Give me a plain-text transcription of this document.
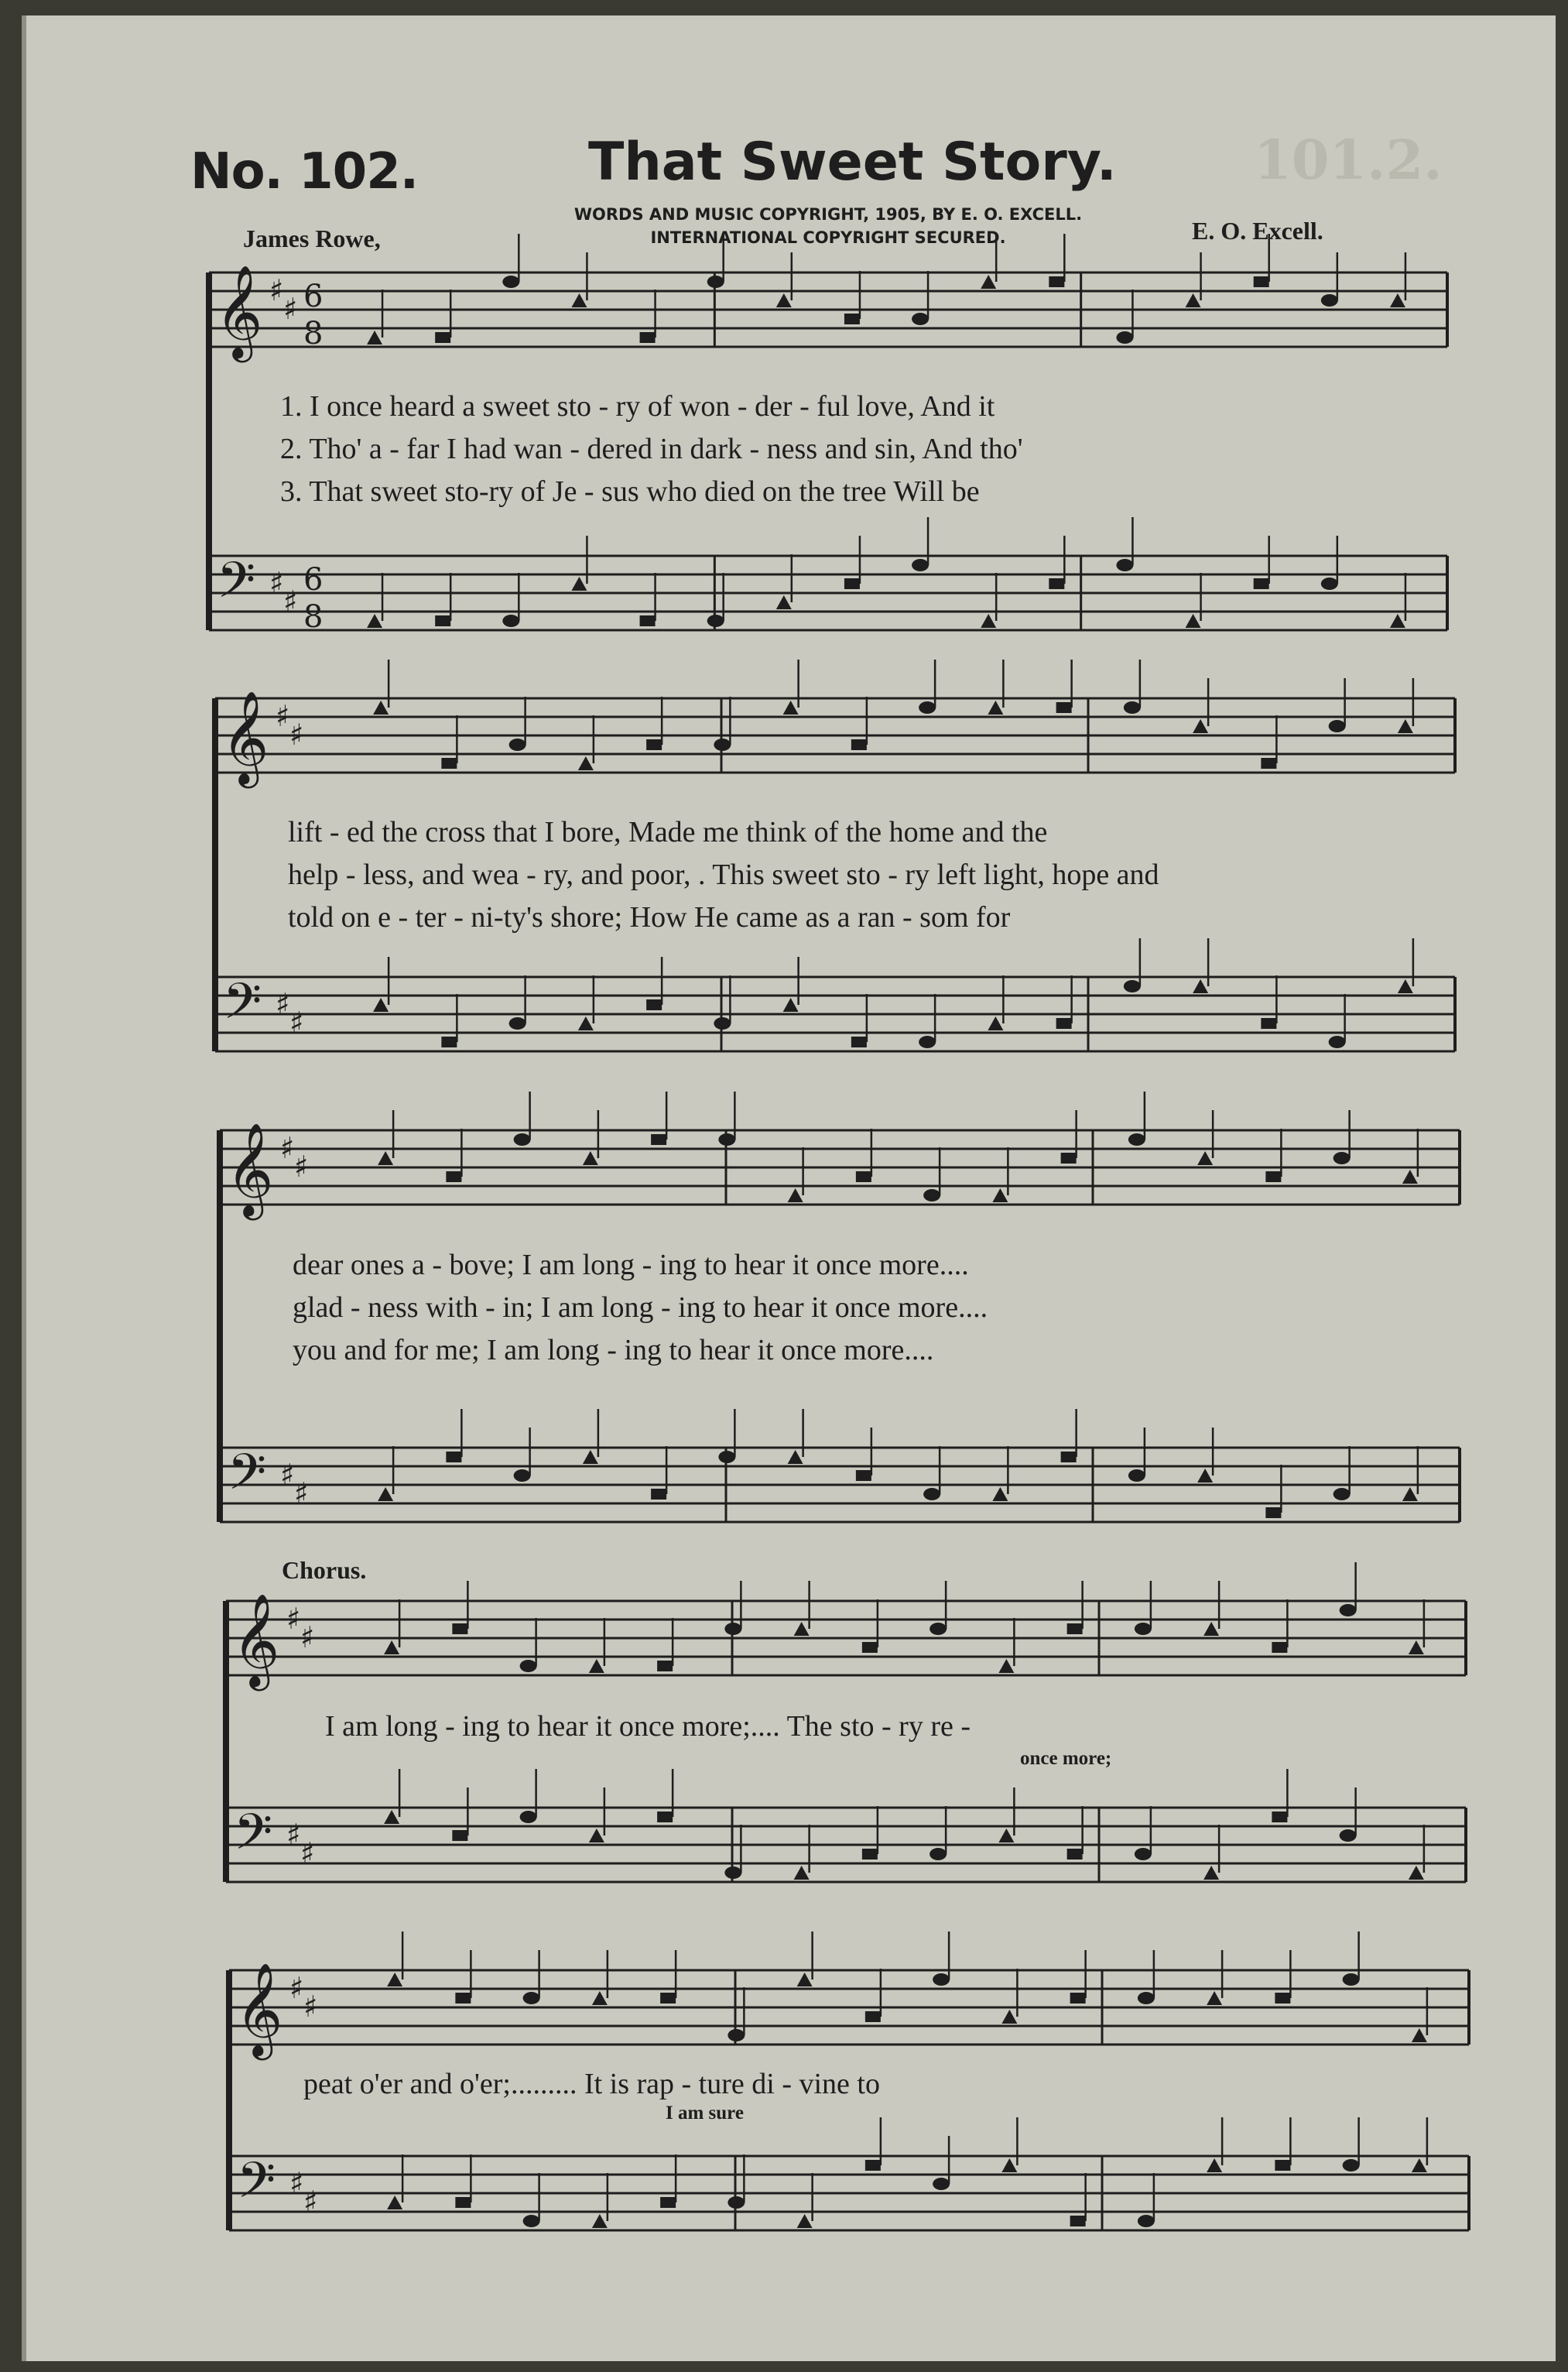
101.2.
No. 102.	That Sweet Story.
WORDS AND MUSIC COPYRIGHT, 1905, BY E. O. EXCELL.
INTERNATIONAL COPYRIGHT SECURED.
James Rowe,	E. O. Excell.
𝄞
𝄢
♯
♯
♯
♯
6
8
6
8
𝄞
𝄢
♯
♯
♯
♯
𝄞
𝄢
♯
♯
♯
♯
𝄞
𝄢
♯
♯
♯
♯
𝄞
𝄢
♯
♯
♯
♯
1. I once heard a sweet sto - ry of won - der - ful love, And it
2. Tho' a - far I had wan - dered in dark - ness and sin, And tho'
3. That sweet sto-ry of Je - sus who died on the tree Will be
lift - ed the cross that I bore, Made me think of the home and the
help - less, and wea - ry, and poor, . This sweet sto - ry left light, hope and
told on e - ter - ni-ty's shore; How He came as a ran - som for
dear ones a - bove; I am long - ing to hear it once more....
glad - ness with - in; I am long - ing to hear it once more....
you and for me; I am long - ing to hear it once more....
Chorus.
I am long - ing to hear it once more;.... The sto - ry re -
once more;
peat o'er and o'er;......... It is rap - ture di - vine to
I am sure
